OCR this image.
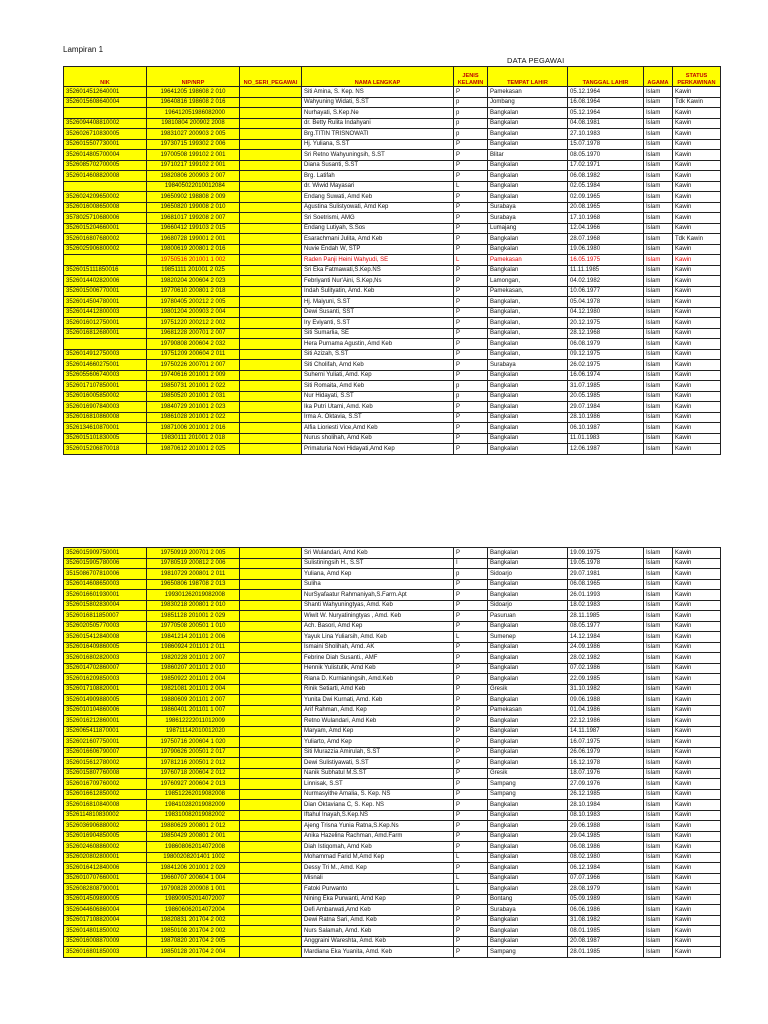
Lampiran 1
DATA PEGAWAI
NIK	NIP/NRP	NO_SERI_PEGAWAI	NAMA LENGKAP	JENIS
KELAMIN	TEMPAT LAHIR	TANGGAL LAHIR	AGAMA	STATUS
PERKAWINAN
3526014512640001	19641205 198608 2 010		Siti Amina, S. Kep. NS	P	Pamekasan	05.12.1964	Islam	Kawin
3526015608640004	19640816 198608 2 016		Wahyuning Widati, S.ST	p	Jombang	16.08.1964	Islam	Tdk Kawin
	196412051986082000		Nurhayati, S.Kep.Ne	p	Bangkalan	05.12.1964	Islam	Kawin
3526094408810002	19810804 200902 2008		dr. Betty Rulita Indahyani	p	Bangkalan	04.08.1981	Islam	Kawin
3526026710830005	19831027 200903 2 005		Brg.TITIN TRISNOWATI	p	Bangkalan	27.10.1983	Islam	Kawin
3526015507730001	19730715 199302 2 006		Hj. Yuliana, S.ST	P	Bangkalan	15.07.1978	Islam	Kawin
3526014805700004	19700508 199102 2 001		Sri Retno Wahyuningsih, S.ST	P	Blitar	08.05.1970	Islam	Kawin
3526085702700005	19710217 199102 2 001		Diana Susanti, S.ST	P	Bangkalan	17.02.1971	Islam	Kawin
3526014608820008	19820806 200903 2 007		Brg. Latifah	P	Bangkalan	06.08.1982	Islam	Kawin
	198405022010012084		dr. Wiwid Mayasari	L	Bangkalan	02.05.1984	Islam	Kawin
3526024209650002	19650902 198808 2 009		Endang Suwati, Amd Keb	P	Bangkalan	02.09.1965	Islam	Kawin
3526016008650008	19650820 199008 2 010		Agustina Sulistyowati, Amd Kep	P	Surabaya	20.08.1965	Islam	Kawin
3578025710680006	19681017 199208 2 007		Sri Soetrismi, AMG	P	Surabaya	17.10.1968	Islam	Kawin
3526015204660001	19660412 199103 2 015		Endang Lutiyah, S.Sos	P	Lumajang	12.04.1966	Islam	Kawin
3526016807680002	19680728 199001 2 001		Esarachmani Julita, Amd Keb	P	Bangkalan	28.07.1968	Islam	Tdk Kawin
3526025906800002	19800619 200801 2 016		Nuvie Endah W, STP	P	Bangkalan	19.06.1980	Islam	Kawin
	19750516 201001 1 002		Raden Panji Heini Wahyudi, SE	L	Pamekasan	16.05.1975	Islam	Kawin
3526015111850016	19851111 201001 2 025		Sri Eka Fatmawati,S.Kep.NS	P	Bangkalan	11.11.1985	Islam	Kawin
3526014402820006	19820204 200604 2 023		Febriyanti Nur'Aini, S.Kep,Ns	P	Lamongan,	04.02.1982	Islam	Kawin
3526015006770001	19770610 200801 2 018		Indah Sulityatin, Amd. Keb	P	Pamekasan,	10.06.1977	Islam	Kawin
3526014504780001	19780405 200212 2 005		Hj. Maiyuni, S.ST	P	Bangkalan,	05.04.1978	Islam	Kawin
3526014412800003	19801204 200903 2 004		Dewi Susanti, SST	P	Bangkalan,	04.12.1980	Islam	Kawin
3526016012750001	19751220 200212 2 002		Iry Eviyanti, S.ST	P	Bangkalan,	20.12.1975	Islam	Kawin
3526016812680001	19681228 200701 2 007		Siti Sumarlia, SE	P	Bangkalan,	28.12.1968	Islam	Kawin
	19790808 200604 2 032		Hera Purnama Agustin, Amd Keb	P	Bangkalan	06.08.1979	Islam	Kawin
3526014912750003	19751209 200604 2 011		Siti Azizah, S.ST	P	Bangkalan,	09.12.1975	Islam	Kawin
3526014660275001	19750226 200701 2 007		Siti Cholifah, Amd Keb	P	Surabaya	26.02.1975	Islam	Kawin
3526055606740003	19740616 201001 2 009		Suherni Yuliati, Amd. Kep	P	Bangkalan	16.06.1974	Islam	Kawin
3526017107850001	19850731 201001 2 022		Siti Romaita, Amd Keb	p	Bangkalan	31.07.1985	Islam	Kawin
3526016005850002	19850520 201001 2 031		Nur Hidayati, S.ST	p	Bangkalan	20.05.1985	Islam	Kawin
3526016907840003	19840729 201001 2 023		Ika Putri Utami, Amd. Keb	P	Bangkalan	29.07.1984	Islam	Kawin
3526016810860008	19861028 201001 2 022		Irma A. Oktavia, S.ST	P	Bangkalan	28.10.1986	Islam	Kawin
3526134610870001	19871006 201001 2 016		Alfia Lioriesti Vice,Amd Keb	P	Bangkalan	06.10.1987	Islam	Kawin
3526015101830005	19830111 201001 2 018		Nurus sholihah, Amd Keb	P	Bangkalan	11.01.1983	Islam	Kawin
3526015206870018	19870612 201001 2 025		Primaturia Novi Hidayati,Amd Kep	P	Bangkalan	12.06.1987	Islam	Kawin
3526015909750001	19750919 200701 2 005		Sri Wulandari, Amd Keb	P	Bangkalan	19.09.1975	Islam	Kawin
3526015905780006	19780519 200812 2 006		Sulistiningsih H., S.ST	I	Bangkalan	19.05.1978	Islam	Kawin
3515086707810006	19810729 200801 2 011		Yuliana, Amd Kep	p	Sidoarjo	29.07.1981	Islam	Kawin
3526014608650003	19650806 198708 2 013		Suliha	P	Bangkalan	06.08.1965	Islam	Kawin
3526016601930001	199301262019082008		NurSyafaatur Rahmaniyah,S.Farm.Apt	P	Bangkalan	26.01.1993	Islam	Kawin
3526015802830004	19830218 200801 2 010		Shanti Wahyuningtyas, Amd. Keb	P	Sidoarjo	18.02.1983	Islam	Kawin
3526016811850007	19851128 201001 2 029		Wiwit W. Nuryatiningtyas , Amd. Keb	P	Pasuruan	28.11.1985	Islam	Kawin
3526020505770003	19770508 200501 1 010		Ach. Basori, Amd Kep	P	Bangkalan	08.05.1977	Islam	Kawin
3526015412840008	19841214 201101 2 006		Yayuk Lina Yuliarsih, Amd. Keb	L	Sumenep	14.12.1984	Islam	Kawin
3526016409860005	19860924 201101 2 011		Ismaini Sholihah, Amd. AK	P	Bangkalan	24.09.1986	Islam	Kawin
3526016802820003	19820228 201101 2 007		Febrine Diah Susanti., AMF	P	Bangkalan	28.02.1982	Islam	Kawin
3526014702860007	19860207 201101 2 010		Hennik Yulistutik, Amd Keb	P	Bangkalan	07.02.1986	Islam	Kawin
3526016209850003	19850922 201101 2 004		Riana D. Kurnianingsih, Amd.Keb	P	Bangkalan	22.09.1985	Islam	Kawin
3526017108820001	19821081 201101 2 004		Rinik Setiarti, Amd Keb	P	Gresik	31.10.1982	Islam	Kawin
3526014909880005	19880609 201101 2 007		Yunita Dwi Kurnati, Amd. Keb	P	Bangkalan	09.06.1988	Islam	Kawin
3526010104860006	19860401 201101 1 007		Arif Rahman, Amd. Kep	P	Pamekasan	01.04.1986	Islam	Kawin
3526016212860001	198612222011012009		Retno Wulandari, Amd Keb	P	Bangkalan	22.12.1986	Islam	Kawin
3526065411870001	198711142010012020		Maryam, Amd Kep	P	Bangkalan	14.11.1987	Islam	Kawin
3526021607750001	19750716 200604 1 020		Yuliarto, Amd Kep	P	Bangkalan	16.07.1975	Islam	Kawin
3526016606790007	19790626 200501 2 017		Siti Murazzia Amirulah, S.ST	P	Bangkalan	26.06.1979	Islam	Kawin
3526015612780002	19781216 200501 2 012		Dewi Sulistiyawati, S.ST	P	Bangkalan	16.12.1978	Islam	Kawin
3526015807760008	19760718 200604 2 012		Nanik Subhatul M.S.ST	P	Gresik	18.07.1976	Islam	Kawin
3526016709760002	19760927 200604 2 013		Linnisak, S.ST	P	Sampang	27.09.1976	Islam	Kawin
3526016612850002	198512262019082008		Nurmasyithe Amalia, S. Kep. NS	P	Sampang	26.12.1985	Islam	Kawin
3526016810840008	198410282019082009		Dian Oktaviana C, S. Kep. NS	P	Bangkalan	28.10.1984	Islam	Kawin
3526114810830002	198310082019082002		Iftahul Inayah,S.Kep.NS	P	Bangkalan	08.10.1983	Islam	Kawin
3526036906880002	19880629 200801 2 012		Ajeng Trisna Yunia Ratna,S.Kep.Ns	P	Bangkalan	29.06.1988	Islam	Kawin
3526016904850005	19850429 200801 2 001		Anika Hazelina Rachman, Amd.Farm	P	Bangkalan	29.04.1985	Islam	Kawin
3526024608860002	198608062014072008		Diah Istiqomah, Amd Keb	P	Bangkalan	06.08.1986	Islam	Kawin
3526020802800001	19800208201401 1002		Mohammad Farid M,Amd Kep	L	Bangkalan	08.02.1980	Islam	Kawin
3526016412840006	19841206 201001 2 029		Dessy Tri M., Amd. Kep	P	Bangkalan	06.12.1984	Islam	Kawin
3526010707660001	19660707 200604 1 004		Misnali	L	Bangkalan	07.07.1966	Islam	Kawin
3526082808790001	19790828 200908 1 001		Fatoki Purwanto	L	Bangkalan	28.08.1979	Islam	Kawin
3526014509890005	198909052014072007		Nining Eka Purwanti, Amd Kep	P	Bontang	05.09.1989	Islam	Kawin
3526044606860004	198606062014072004		Defi Ambarwati,Amd Keb	P	Surabaya	06.06.1986	Islam	Kawin
3526017108820004	19820831 201704 2 002		Dewi Ratna Sari, Amd. Keb	P	Bangkalan	31.08.1982	Islam	Kawin
3526014801850002	19850108 201704 2 002		Nurs Salamah, Amd. Keb	P	Bangkalan	08.01.1985	Islam	Kawin
3526016008870009	19870820 201704 2 005		Anggraini Wareshta, Amd. Keb	P	Bangkalan	20.08.1987	Islam	Kawin
3526016801850003	19850128 201704 2 004		Mardiana Eka Yuanita, Amd. Keb	P	Sampang	28.01.1985	Islam	Kawin
